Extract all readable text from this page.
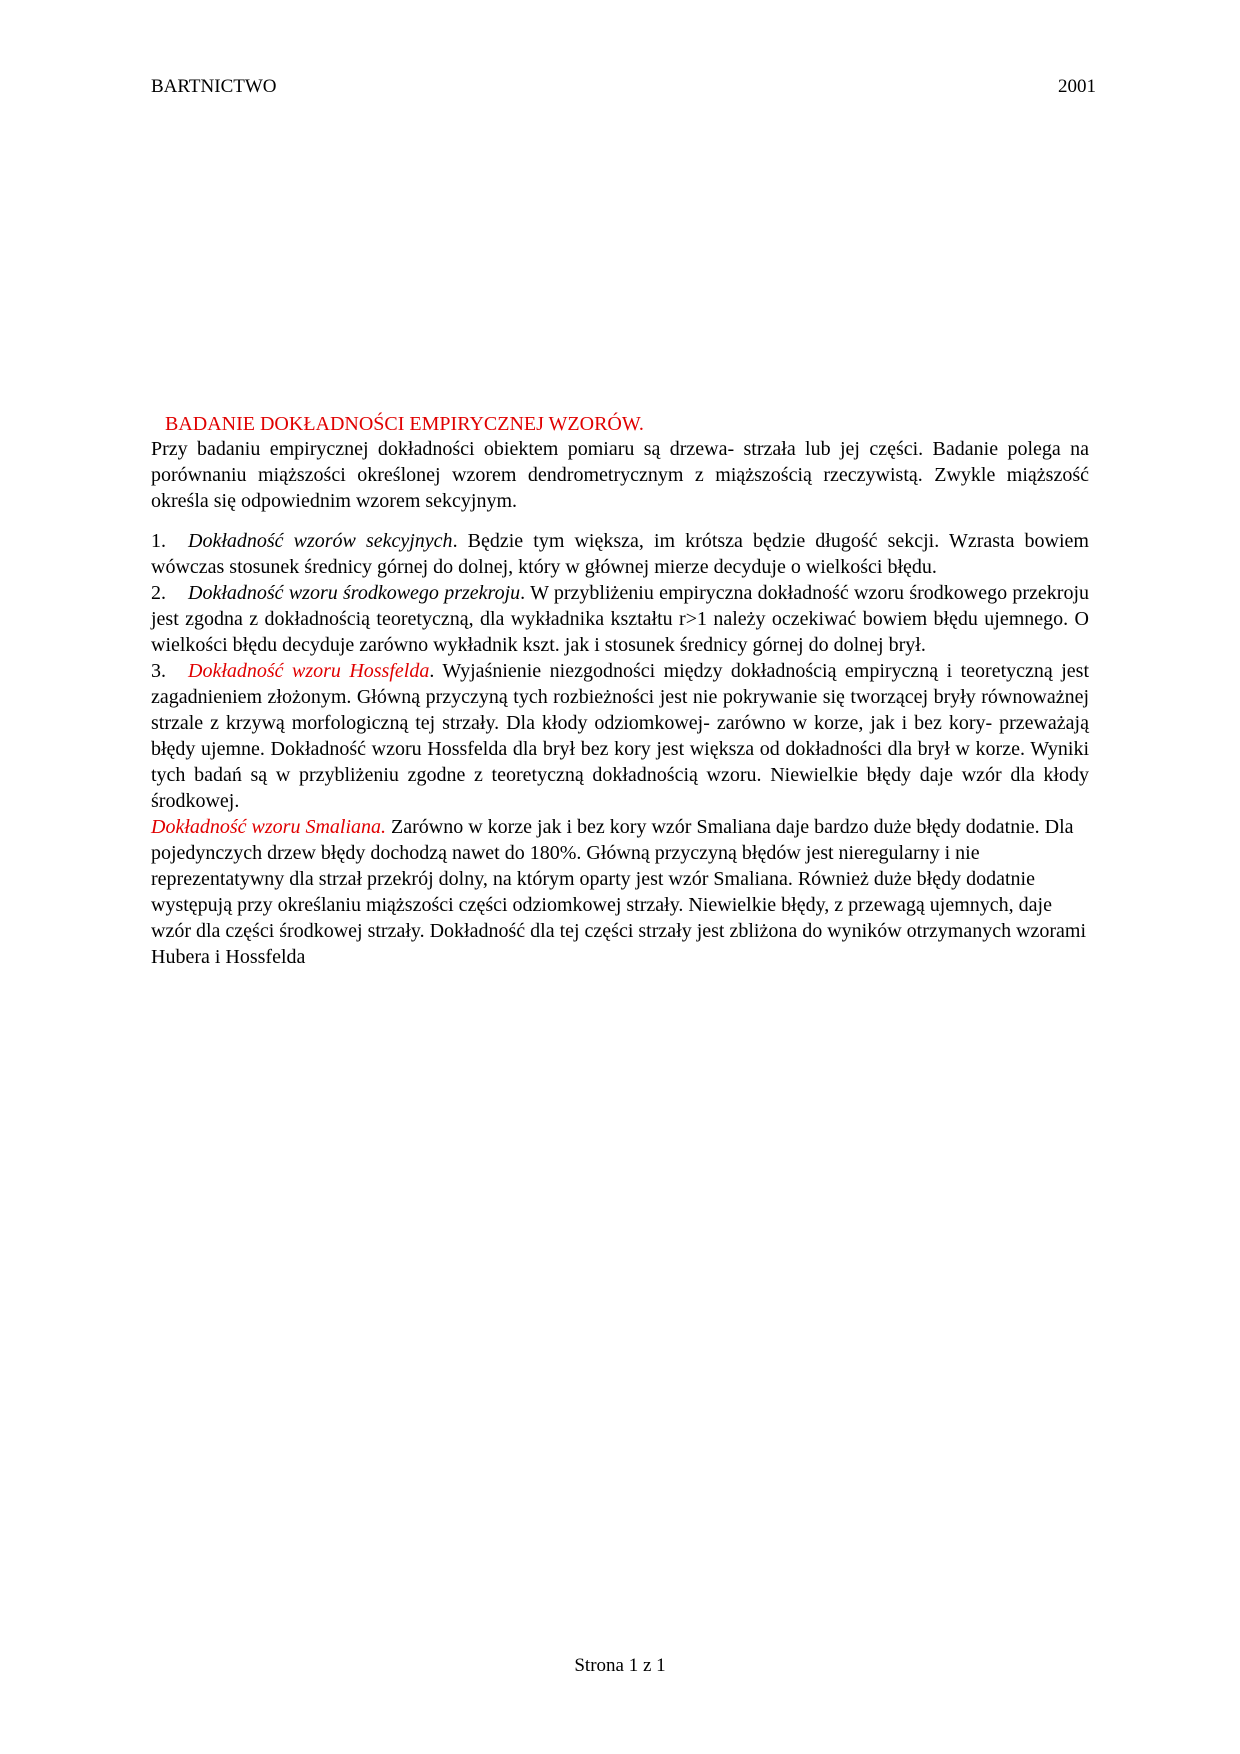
BARTNICTWO	2001
BADANIE DOKŁADNOŚCI EMPIRYCZNEJ WZORÓW.

Przy badaniu empirycznej dokładności obiektem pomiaru są drzewa- strzała lub jej części. Badanie polega na porównaniu miąższości określonej wzorem dendrometrycznym z miąższością rzeczywistą. Zwykle miąższość określa się odpowiednim wzorem sekcyjnym.

1. Dokładność wzorów sekcyjnych. Będzie tym większa, im krótsza będzie długość sekcji. Wzrasta bowiem wówczas stosunek średnicy górnej do dolnej, który w głównej mierze decyduje o wielkości błędu.

2. Dokładność wzoru środkowego przekroju. W przybliżeniu empiryczna dokładność wzoru środkowego przekroju jest zgodna z dokładnością teoretyczną, dla wykładnika kształtu r>1 należy oczekiwać bowiem błędu ujemnego. O wielkości błędu decyduje zarówno wykładnik kszt. jak i stosunek średnicy górnej do dolnej brył.

3. Dokładność wzoru Hossfelda. Wyjaśnienie niezgodności między dokładnością empiryczną i teoretyczną jest zagadnieniem złożonym. Główną przyczyną tych rozbieżności jest nie pokrywanie się tworzącej bryły równoważnej strzale z krzywą morfologiczną tej strzały. Dla kłody odziomkowej- zarówno w korze, jak i bez kory- przeważają błędy ujemne. Dokładność wzoru Hossfelda dla brył bez kory jest większa od dokładności dla brył w korze. Wyniki tych badań są w przybliżeniu zgodne z teoretyczną dokładnością wzoru. Niewielkie błędy daje wzór dla kłody środkowej.

Dokładność wzoru Smaliana. Zarówno w korze jak i bez kory wzór Smaliana daje bardzo duże błędy dodatnie. Dla pojedynczych drzew błędy dochodzą nawet do 180%. Główną przyczyną błędów jest nieregularny i nie reprezentatywny dla strzał przekrój dolny, na którym oparty jest wzór Smaliana. Również duże błędy dodatnie występują przy określaniu miąższości części odziomkowej strzały. Niewielkie błędy, z przewagą ujemnych, daje wzór dla części środkowej strzały. Dokładność dla tej części strzały jest zbliżona do wyników otrzymanych wzorami Hubera i Hossfelda

Strona 1 z 1
